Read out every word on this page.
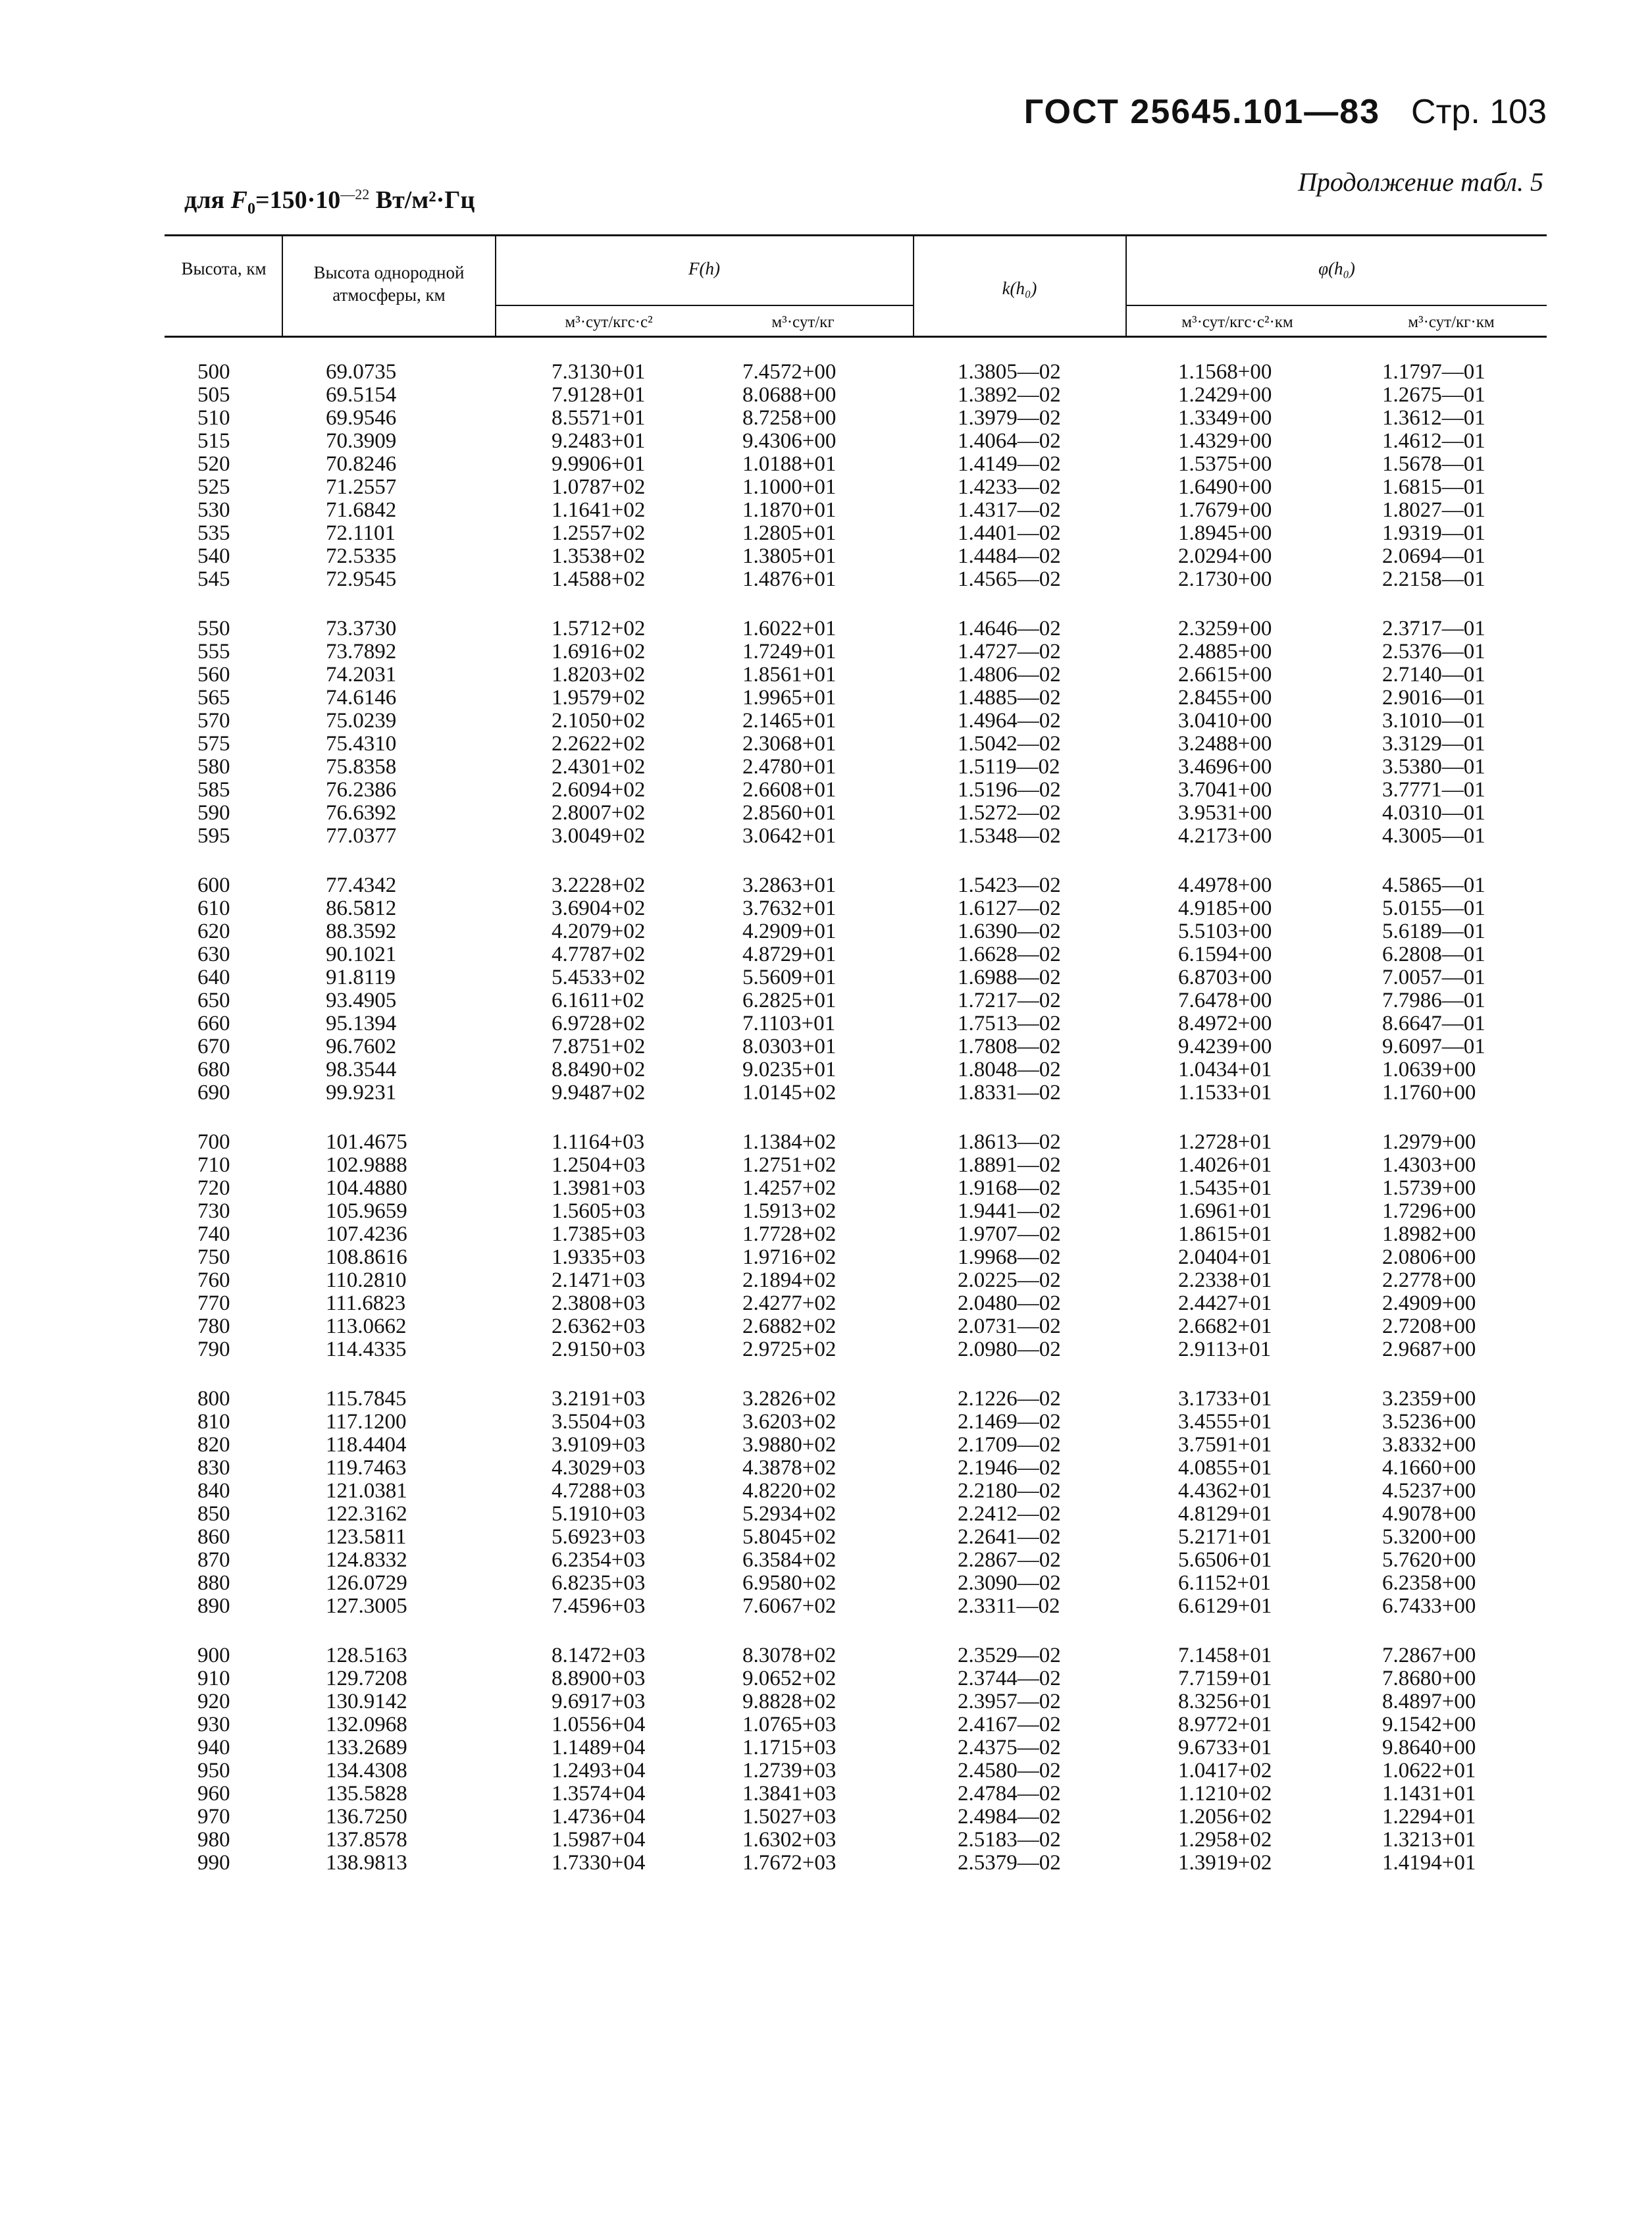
ГОСТ 25645.101—83 Стр. 103
Продолжение табл. 5
для $F_0=150\cdot 10^{—22}$ Вт/м²·Гц
Высота, км	Высота однородной атмосферы, км
F(h)
м³·сут/кгс·с²	м³·сут/кг
k(h₀)
φ(h₀)
м³·сут/кгс·с²·км	м³·сут/кг·км
500	69.0735	7.3130+01	7.4572+00	1.3805—02	1.1568+00	1.1797—01
505	69.5154	7.9128+01	8.0688+00	1.3892—02	1.2429+00	1.2675—01
510	69.9546	8.5571+01	8.7258+00	1.3979—02	1.3349+00	1.3612—01
515	70.3909	9.2483+01	9.4306+00	1.4064—02	1.4329+00	1.4612—01
520	70.8246	9.9906+01	1.0188+01	1.4149—02	1.5375+00	1.5678—01
525	71.2557	1.0787+02	1.1000+01	1.4233—02	1.6490+00	1.6815—01
530	71.6842	1.1641+02	1.1870+01	1.4317—02	1.7679+00	1.8027—01
535	72.1101	1.2557+02	1.2805+01	1.4401—02	1.8945+00	1.9319—01
540	72.5335	1.3538+02	1.3805+01	1.4484—02	2.0294+00	2.0694—01
545	72.9545	1.4588+02	1.4876+01	1.4565—02	2.1730+00	2.2158—01
550	73.3730	1.5712+02	1.6022+01	1.4646—02	2.3259+00	2.3717—01
555	73.7892	1.6916+02	1.7249+01	1.4727—02	2.4885+00	2.5376—01
560	74.2031	1.8203+02	1.8561+01	1.4806—02	2.6615+00	2.7140—01
565	74.6146	1.9579+02	1.9965+01	1.4885—02	2.8455+00	2.9016—01
570	75.0239	2.1050+02	2.1465+01	1.4964—02	3.0410+00	3.1010—01
575	75.4310	2.2622+02	2.3068+01	1.5042—02	3.2488+00	3.3129—01
580	75.8358	2.4301+02	2.4780+01	1.5119—02	3.4696+00	3.5380—01
585	76.2386	2.6094+02	2.6608+01	1.5196—02	3.7041+00	3.7771—01
590	76.6392	2.8007+02	2.8560+01	1.5272—02	3.9531+00	4.0310—01
595	77.0377	3.0049+02	3.0642+01	1.5348—02	4.2173+00	4.3005—01
600	77.4342	3.2228+02	3.2863+01	1.5423—02	4.4978+00	4.5865—01
610	86.5812	3.6904+02	3.7632+01	1.6127—02	4.9185+00	5.0155—01
620	88.3592	4.2079+02	4.2909+01	1.6390—02	5.5103+00	5.6189—01
630	90.1021	4.7787+02	4.8729+01	1.6628—02	6.1594+00	6.2808—01
640	91.8119	5.4533+02	5.5609+01	1.6988—02	6.8703+00	7.0057—01
650	93.4905	6.1611+02	6.2825+01	1.7217—02	7.6478+00	7.7986—01
660	95.1394	6.9728+02	7.1103+01	1.7513—02	8.4972+00	8.6647—01
670	96.7602	7.8751+02	8.0303+01	1.7808—02	9.4239+00	9.6097—01
680	98.3544	8.8490+02	9.0235+01	1.8048—02	1.0434+01	1.0639+00
690	99.9231	9.9487+02	1.0145+02	1.8331—02	1.1533+01	1.1760+00
700	101.4675	1.1164+03	1.1384+02	1.8613—02	1.2728+01	1.2979+00
710	102.9888	1.2504+03	1.2751+02	1.8891—02	1.4026+01	1.4303+00
720	104.4880	1.3981+03	1.4257+02	1.9168—02	1.5435+01	1.5739+00
730	105.9659	1.5605+03	1.5913+02	1.9441—02	1.6961+01	1.7296+00
740	107.4236	1.7385+03	1.7728+02	1.9707—02	1.8615+01	1.8982+00
750	108.8616	1.9335+03	1.9716+02	1.9968—02	2.0404+01	2.0806+00
760	110.2810	2.1471+03	2.1894+02	2.0225—02	2.2338+01	2.2778+00
770	111.6823	2.3808+03	2.4277+02	2.0480—02	2.4427+01	2.4909+00
780	113.0662	2.6362+03	2.6882+02	2.0731—02	2.6682+01	2.7208+00
790	114.4335	2.9150+03	2.9725+02	2.0980—02	2.9113+01	2.9687+00
800	115.7845	3.2191+03	3.2826+02	2.1226—02	3.1733+01	3.2359+00
810	117.1200	3.5504+03	3.6203+02	2.1469—02	3.4555+01	3.5236+00
820	118.4404	3.9109+03	3.9880+02	2.1709—02	3.7591+01	3.8332+00
830	119.7463	4.3029+03	4.3878+02	2.1946—02	4.0855+01	4.1660+00
840	121.0381	4.7288+03	4.8220+02	2.2180—02	4.4362+01	4.5237+00
850	122.3162	5.1910+03	5.2934+02	2.2412—02	4.8129+01	4.9078+00
860	123.5811	5.6923+03	5.8045+02	2.2641—02	5.2171+01	5.3200+00
870	124.8332	6.2354+03	6.3584+02	2.2867—02	5.6506+01	5.7620+00
880	126.0729	6.8235+03	6.9580+02	2.3090—02	6.1152+01	6.2358+00
890	127.3005	7.4596+03	7.6067+02	2.3311—02	6.6129+01	6.7433+00
900	128.5163	8.1472+03	8.3078+02	2.3529—02	7.1458+01	7.2867+00
910	129.7208	8.8900+03	9.0652+02	2.3744—02	7.7159+01	7.8680+00
920	130.9142	9.6917+03	9.8828+02	2.3957—02	8.3256+01	8.4897+00
930	132.0968	1.0556+04	1.0765+03	2.4167—02	8.9772+01	9.1542+00
940	133.2689	1.1489+04	1.1715+03	2.4375—02	9.6733+01	9.8640+00
950	134.4308	1.2493+04	1.2739+03	2.4580—02	1.0417+02	1.0622+01
960	135.5828	1.3574+04	1.3841+03	2.4784—02	1.1210+02	1.1431+01
970	136.7250	1.4736+04	1.5027+03	2.4984—02	1.2056+02	1.2294+01
980	137.8578	1.5987+04	1.6302+03	2.5183—02	1.2958+02	1.3213+01
990	138.9813	1.7330+04	1.7672+03	2.5379—02	1.3919+02	1.4194+01
